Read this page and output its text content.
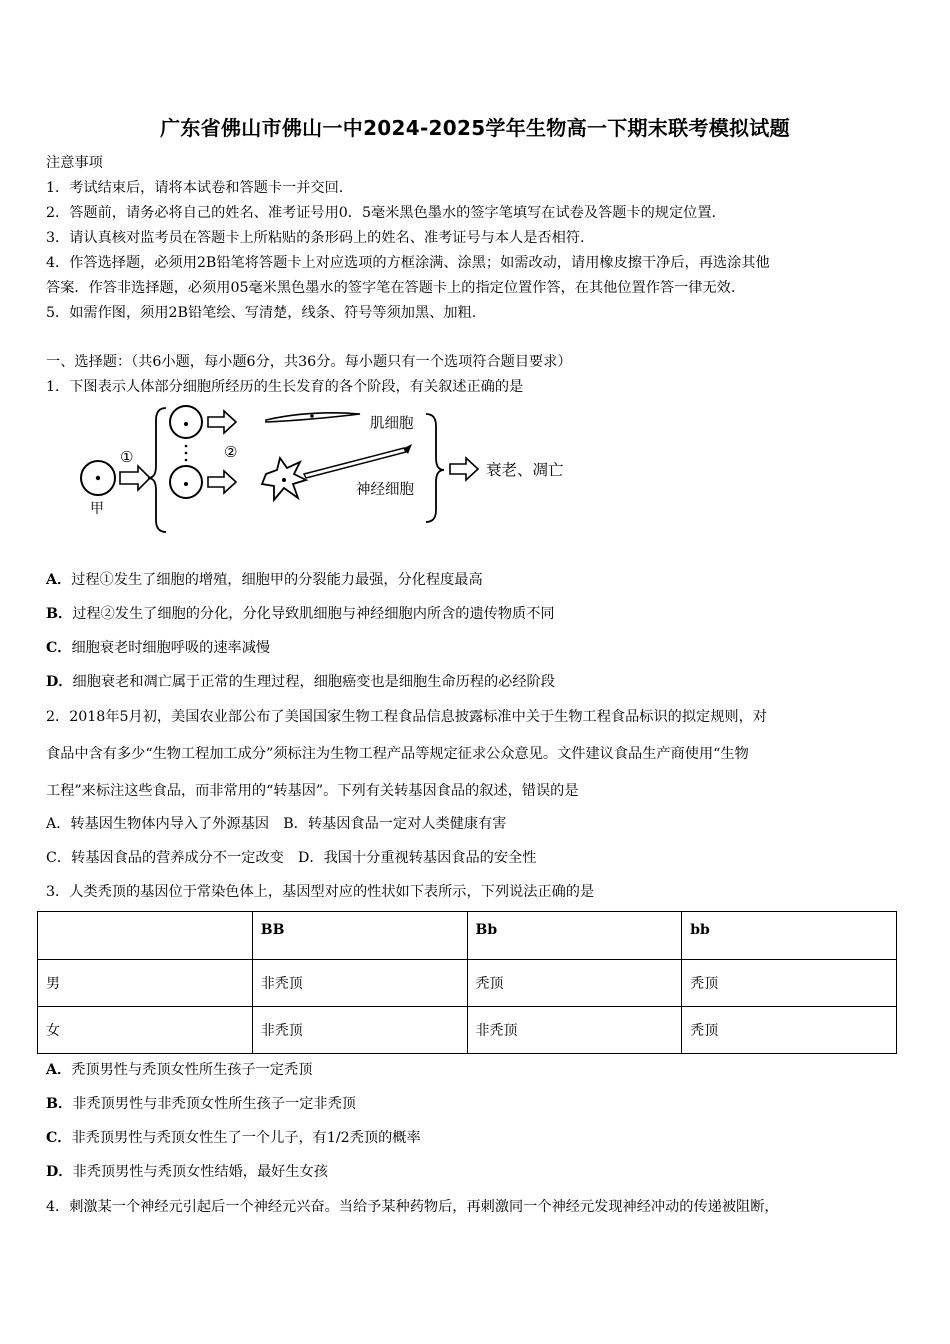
广东省佛山市佛山一中2024-2025学年生物高一下期末联考模拟试题
注意事项
1．考试结束后，请将本试卷和答题卡一并交回.
2．答题前，请务必将自己的姓名、准考证号用0．5毫米黑色墨水的签字笔填写在试卷及答题卡的规定位置.
3．请认真核对监考员在答题卡上所粘贴的条形码上的姓名、准考证号与本人是否相符.
4．作答选择题，必须用2B铅笔将答题卡上对应选项的方框涂满、涂黑；如需改动，请用橡皮擦干净后，再选涂其他
答案．作答非选择题，必须用05毫米黑色墨水的签字笔在答题卡上的指定位置作答，在其他位置作答一律无效.
5．如需作图，须用2B铅笔绘、写清楚，线条、符号等须加黑、加粗.
一、选择题：（共6小题，每小题6分，共36分。每小题只有一个选项符合题目要求）
1．下图表示人体部分细胞所经历的生长发育的各个阶段，有关叙述正确的是
甲
①
肌细胞
②
神经细胞
衰老、凋亡
A．过程①发生了细胞的增殖，细胞甲的分裂能力最强，分化程度最高
B．过程②发生了细胞的分化，分化导致肌细胞与神经细胞内所含的遗传物质不同
C．细胞衰老时细胞呼吸的速率减慢
D．细胞衰老和凋亡属于正常的生理过程，细胞癌变也是细胞生命历程的必经阶段
2．2018年5月初，美国农业部公布了美国国家生物工程食品信息披露标准中关于生物工程食品标识的拟定规则，对
食品中含有多少“生物工程加工成分”须标注为生物工程产品等规定征求公众意见。文件建议食品生产商使用“生物
工程”来标注这些食品，而非常用的“转基因”。下列有关转基因食品的叙述，错误的是
A．转基因生物体内导入了外源基因　B．转基因食品一定对人类健康有害
C．转基因食品的营养成分不一定改变　D．我国十分重视转基因食品的安全性
3．人类秃顶的基因位于常染色体上，基因型对应的性状如下表所示，下列说法正确的是
	BB	Bb	bb
男	非秃顶	秃顶	秃顶
女	非秃顶	非秃顶	秃顶
A．秃顶男性与秃顶女性所生孩子一定秃顶
B．非秃顶男性与非秃顶女性所生孩子一定非秃顶
C．非秃顶男性与秃顶女性生了一个儿子，有1/2秃顶的概率
D．非秃顶男性与秃顶女性结婚，最好生女孩
4．刺激某一个神经元引起后一个神经元兴奋。当给予某种药物后，再刺激同一个神经元发现神经冲动的传递被阻断，
